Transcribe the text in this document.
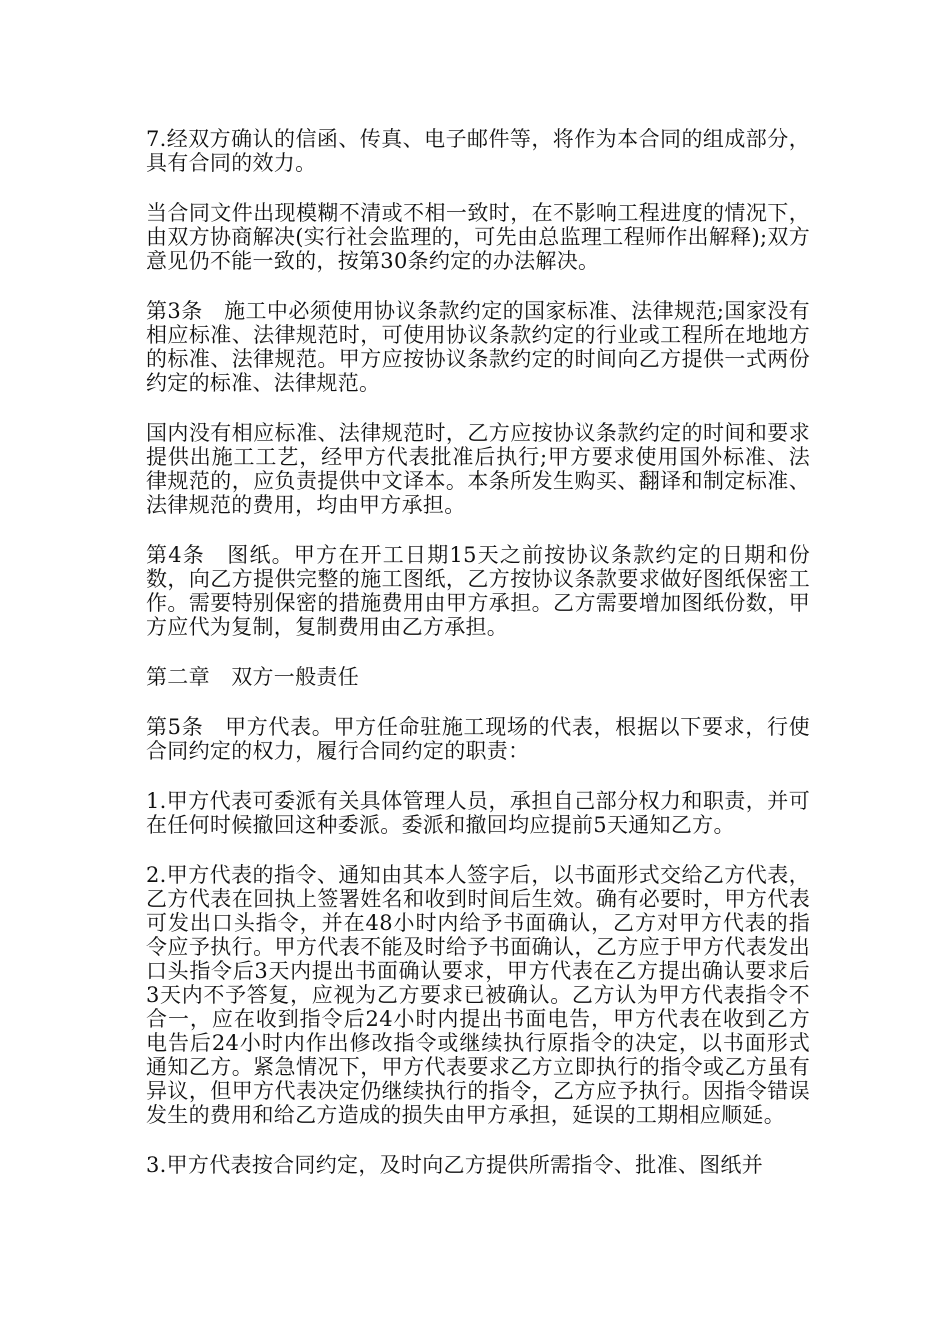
7.经双方确认的信函、传真、电子邮件等，将作为本合同的组成部分，具有合同的效力。

当合同文件出现模糊不清或不相一致时，在不影响工程进度的情况下，由双方协商解决(实行社会监理的，可先由总监理工程师作出解释);双方意见仍不能一致的，按第30条约定的办法解决。

第3条　施工中必须使用协议条款约定的国家标准、法律规范;国家没有相应标准、法律规范时，可使用协议条款约定的行业或工程所在地地方的标准、法律规范。甲方应按协议条款约定的时间向乙方提供一式两份约定的标准、法律规范。

国内没有相应标准、法律规范时，乙方应按协议条款约定的时间和要求提供出施工工艺，经甲方代表批准后执行;甲方要求使用国外标准、法律规范的，应负责提供中文译本。本条所发生购买、翻译和制定标准、法律规范的费用，均由甲方承担。

第4条　图纸。甲方在开工日期15天之前按协议条款约定的日期和份数，向乙方提供完整的施工图纸，乙方按协议条款要求做好图纸保密工作。需要特别保密的措施费用由甲方承担。乙方需要增加图纸份数，甲方应代为复制，复制费用由乙方承担。

第二章　双方一般责任

第5条　甲方代表。甲方任命驻施工现场的代表，根据以下要求，行使合同约定的权力，履行合同约定的职责：

1.甲方代表可委派有关具体管理人员，承担自己部分权力和职责，并可在任何时候撤回这种委派。委派和撤回均应提前5天通知乙方。

2.甲方代表的指令、通知由其本人签字后，以书面形式交给乙方代表，乙方代表在回执上签署姓名和收到时间后生效。确有必要时，甲方代表可发出口头指令，并在48小时内给予书面确认，乙方对甲方代表的指令应予执行。甲方代表不能及时给予书面确认，乙方应于甲方代表发出口头指令后3天内提出书面确认要求，甲方代表在乙方提出确认要求后3天内不予答复，应视为乙方要求已被确认。乙方认为甲方代表指令不合一，应在收到指令后24小时内提出书面电告，甲方代表在收到乙方电告后24小时内作出修改指令或继续执行原指令的决定，以书面形式通知乙方。紧急情况下，甲方代表要求乙方立即执行的指令或乙方虽有异议，但甲方代表决定仍继续执行的指令，乙方应予执行。因指令错误发生的费用和给乙方造成的损失由甲方承担，延误的工期相应顺延。

3.甲方代表按合同约定，及时向乙方提供所需指令、批准、图纸并
